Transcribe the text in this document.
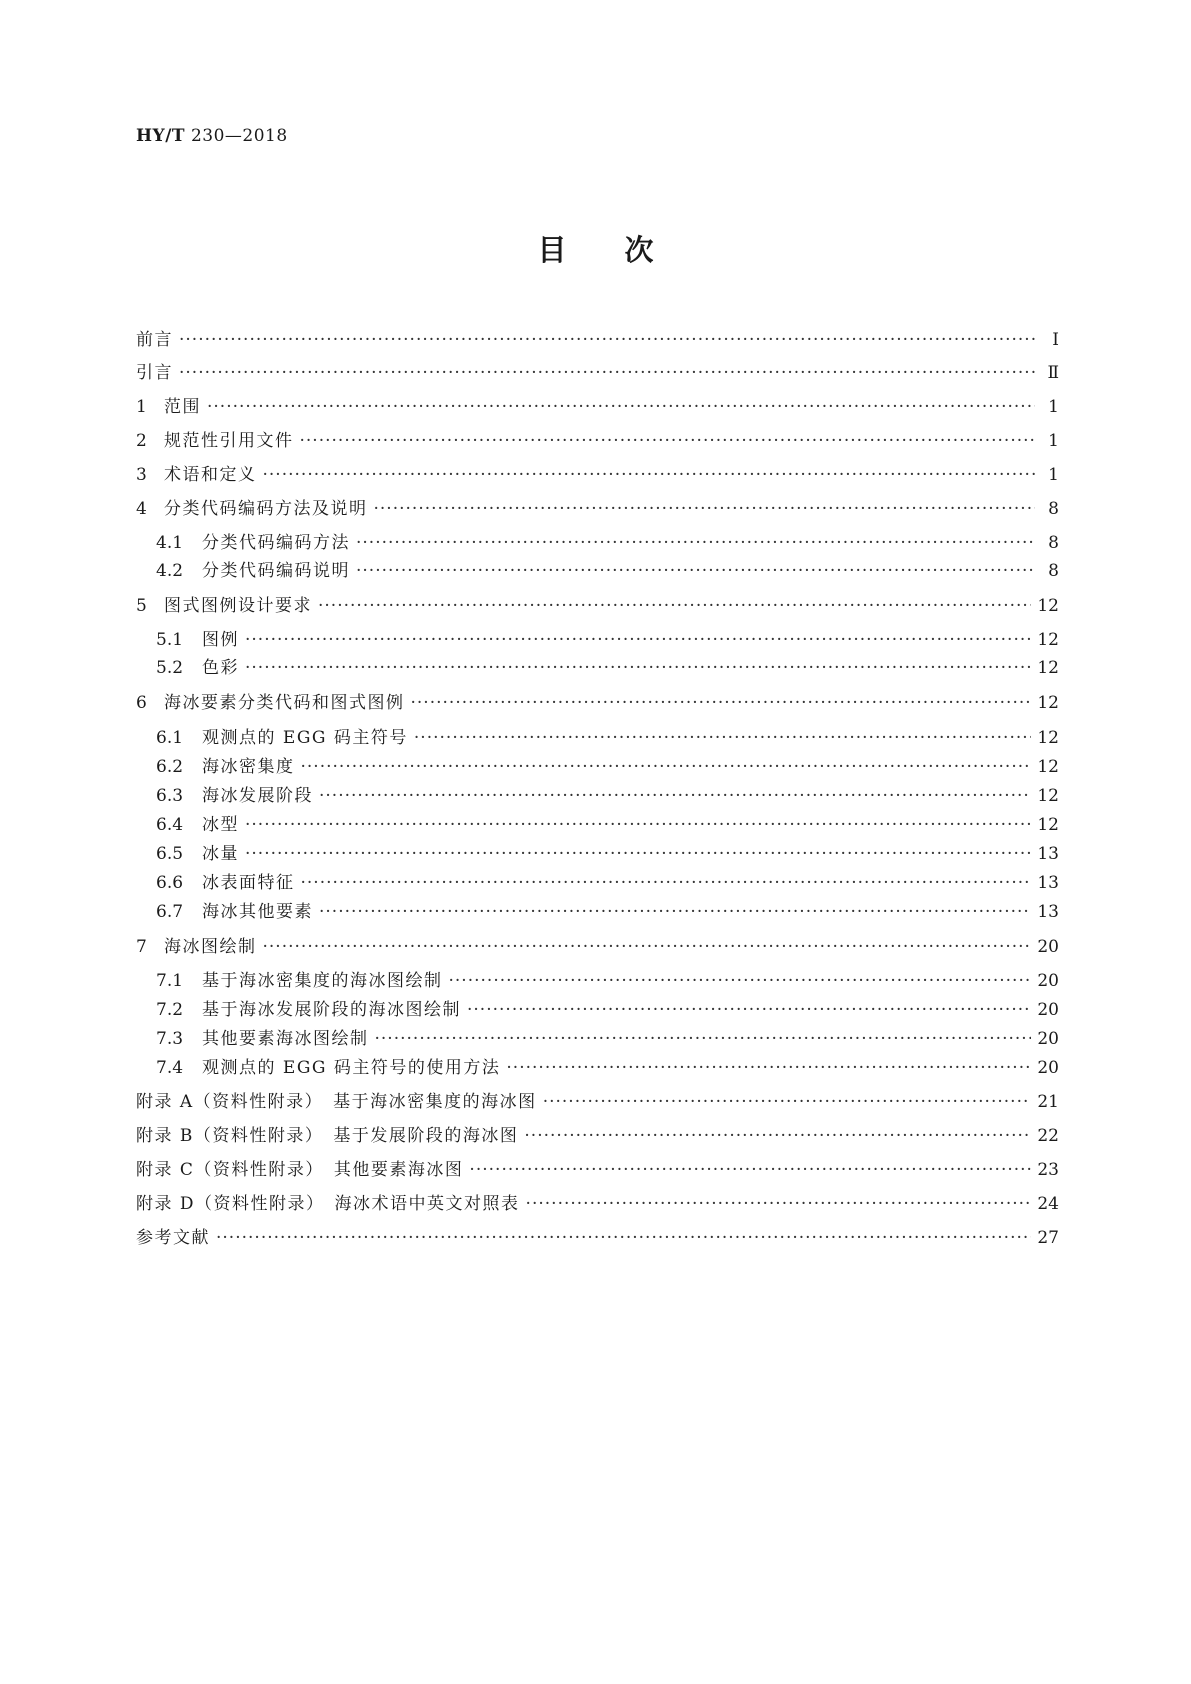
HY/T 230—2018
目次
前言 ·····	Ⅰ
引言 ·····	Ⅱ
1	范围 ·····	1
2	规范性引用文件 ·····	1
3	术语和定义 ·····	1
4	分类代码编码方法及说明 ·····	8
4.1	分类代码编码方法 ·····	8
4.2	分类代码编码说明 ·····	8
5	图式图例设计要求 ·····	12
5.1	图例 ·····	12
5.2	色彩 ·····	12
6	海冰要素分类代码和图式图例 ·····	12
6.1	观测点的 EGG 码主符号 ·····	12
6.2	海冰密集度 ·····	12
6.3	海冰发展阶段 ·····	12
6.4	冰型 ·····	12
6.5	冰量 ·····	13
6.6	冰表面特征 ·····	13
6.7	海冰其他要素 ·····	13
7	海冰图绘制 ·····	20
7.1	基于海冰密集度的海冰图绘制 ·····	20
7.2	基于海冰发展阶段的海冰图绘制 ·····	20
7.3	其他要素海冰图绘制 ·····	20
7.4	观测点的 EGG 码主符号的使用方法 ·····	20
附录 A（资料性附录）　基于海冰密集度的海冰图 ·····	21
附录 B（资料性附录）　基于发展阶段的海冰图 ·····	22
附录 C（资料性附录）　其他要素海冰图 ·····	23
附录 D（资料性附录）　海冰术语中英文对照表 ·····	24
参考文献 ·····	27
